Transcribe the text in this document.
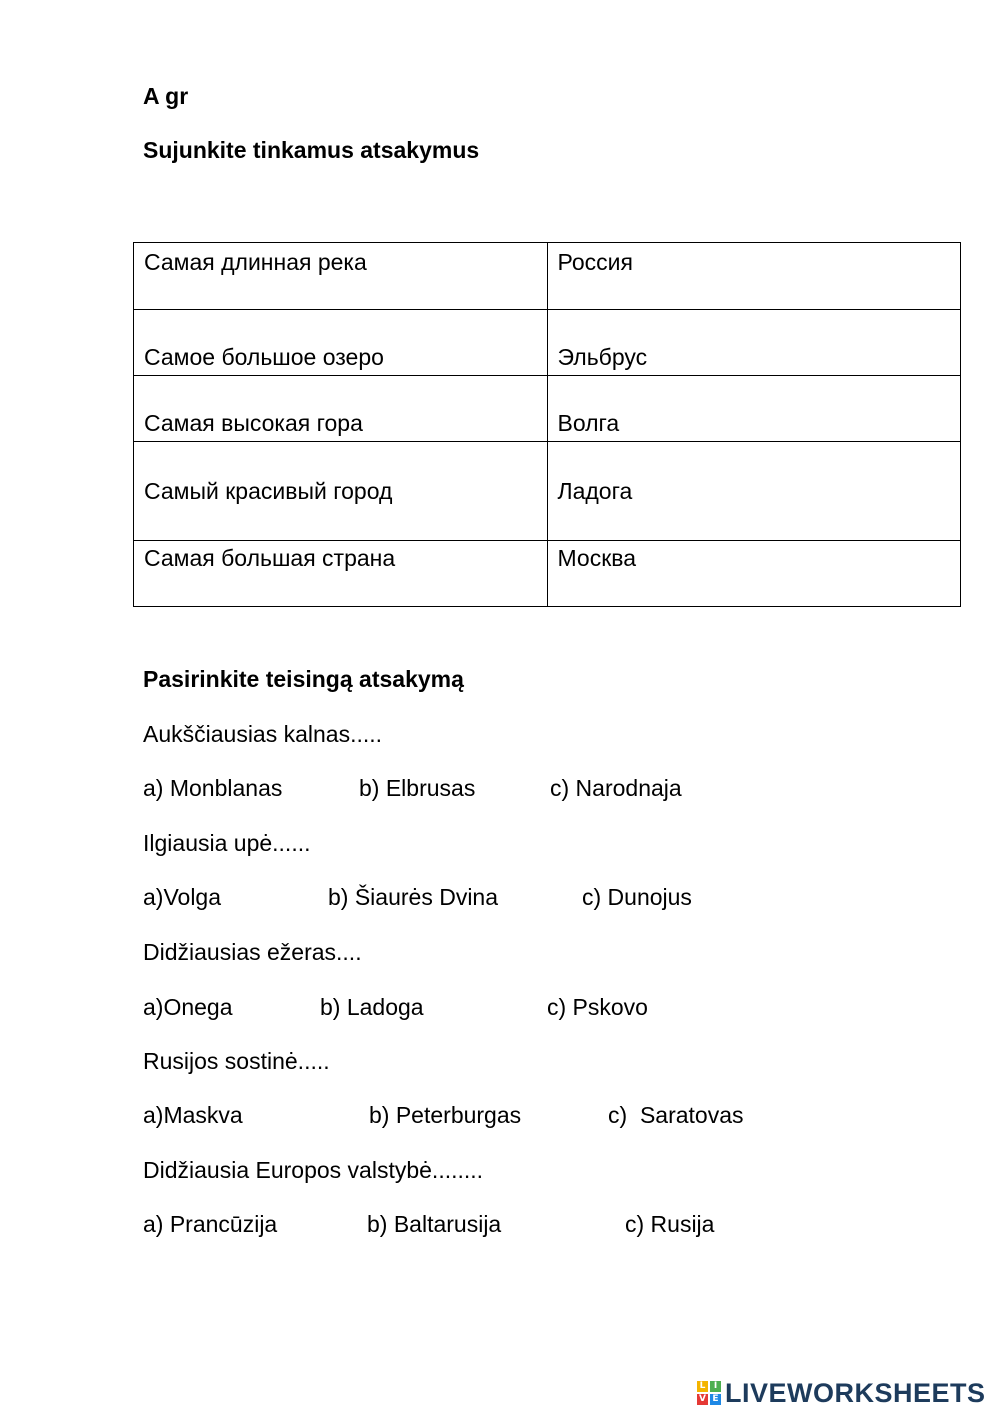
A gr
Sujunkite tinkamus atsakymus
Самая длинная река	Россия

Самое большое озеро	Эльбрус

Самая высокая гора	Волга

Самый красивый город	Ладога

Самая большая страна	Москва
Pasirinkite teisingą atsakymą
Aukščiausias kalnas.....
a) Monblanas	b) Elbrusas	c) Narodnaja
Ilgiausia upė......
a)Volga	b) Šiaurės Dvina	c) Dunojus
Didžiausias ežeras....
a)Onega	b) Ladoga	c) Pskovo
Rusijos sostinė.....
a)Maskva	b) Peterburgas	c)  Saratovas
Didžiausia Europos valstybė........
a) Prancūzija	b) Baltarusija	c) Rusija
L I
V E LIVEWORKSHEETS
